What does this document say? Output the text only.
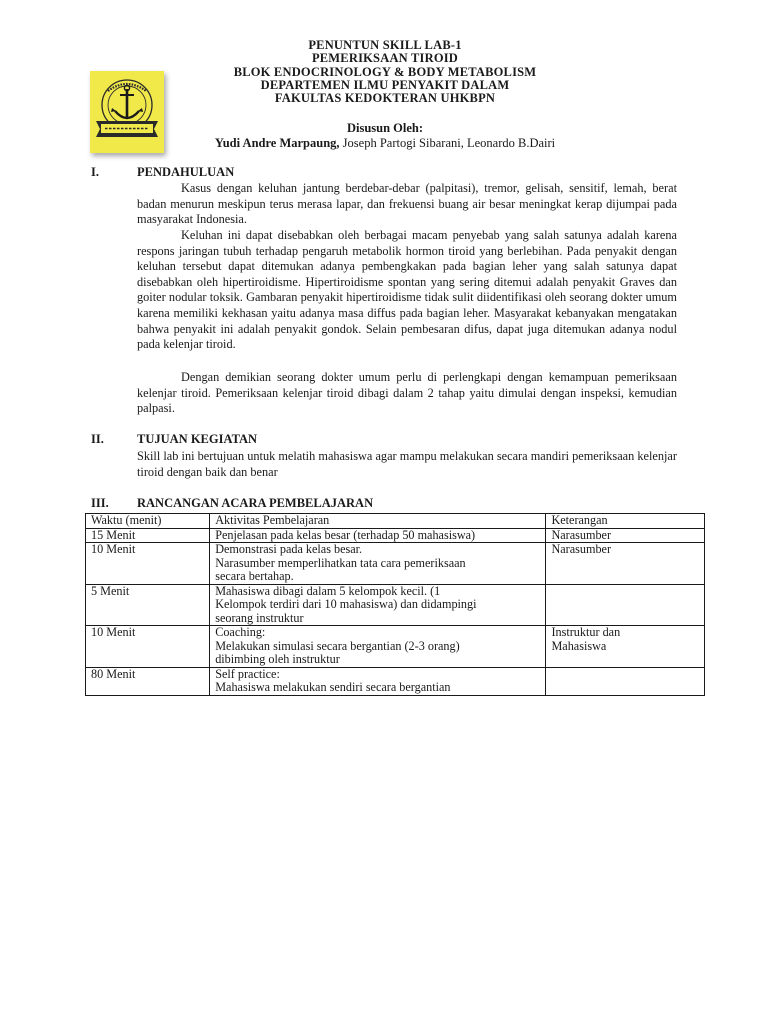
PENUNTUN SKILL LAB-1
PEMERIKSAAN TIROID
BLOK ENDOCRINOLOGY & BODY METABOLISM
DEPARTEMEN ILMU PENYAKIT DALAM
FAKULTAS KEDOKTERAN UHKBPN
Disusun Oleh:
Yudi Andre Marpaung, Joseph Partogi Sibarani, Leonardo B.Dairi
I.	PENDAHULUAN

Kasus dengan keluhan jantung berdebar-debar (palpitasi), tremor, gelisah, sensitif, lemah, berat badan menurun meskipun terus merasa lapar, dan frekuensi buang air besar meningkat kerap dijumpai pada masyarakat Indonesia.

Keluhan ini dapat disebabkan oleh berbagai macam penyebab yang salah satunya adalah karena respons jaringan tubuh terhadap pengaruh metabolik hormon tiroid yang berlebihan. Pada penyakit dengan keluhan tersebut dapat ditemukan adanya pembengkakan pada bagian leher yang salah satunya dapat disebabkan oleh hipertiroidisme. Hipertiroidisme spontan yang sering ditemui adalah penyakit Graves dan goiter nodular toksik. Gambaran penyakit hipertiroidisme tidak sulit diidentifikasi oleh seorang dokter umum karena memiliki kekhasan yaitu adanya masa diffus pada bagian leher. Masyarakat kebanyakan mengatakan bahwa penyakit ini adalah penyakit gondok. Selain pembesaran difus, dapat juga ditemukan adanya nodul pada kelenjar tiroid.

Dengan demikian seorang dokter umum perlu di perlengkapi dengan kemampuan pemeriksaan kelenjar tiroid. Pemeriksaan kelenjar tiroid dibagi dalam 2 tahap yaitu dimulai dengan inspeksi, kemudian palpasi.

II.	TUJUAN KEGIATAN

Skill lab ini bertujuan untuk melatih mahasiswa agar mampu melakukan secara mandiri pemeriksaan kelenjar tiroid dengan baik dan benar

III. RANCANGAN ACARA PEMBELAJARAN
Waktu (menit)	Aktivitas Pembelajaran	Keterangan
15 Menit	Penjelasan pada kelas besar (terhadap 50 mahasiswa)	Narasumber

10 Menit	Demonstrasi pada kelas besar.
Narasumber memperlihatkan tata cara pemeriksaan
secara bertahap.	Narasumber

5 Menit	Mahasiswa dibagi dalam 5 kelompok kecil. (1
Kelompok terdiri dari 10 mahasiswa) dan didampingi
seorang instruktur	

10 Menit	Coaching:
Melakukan simulasi secara bergantian (2-3 orang)
dibimbing oleh instruktur	Instruktur dan
Mahasiswa

80 Menit	Self practice:
Mahasiswa melakukan sendiri secara bergantian	
